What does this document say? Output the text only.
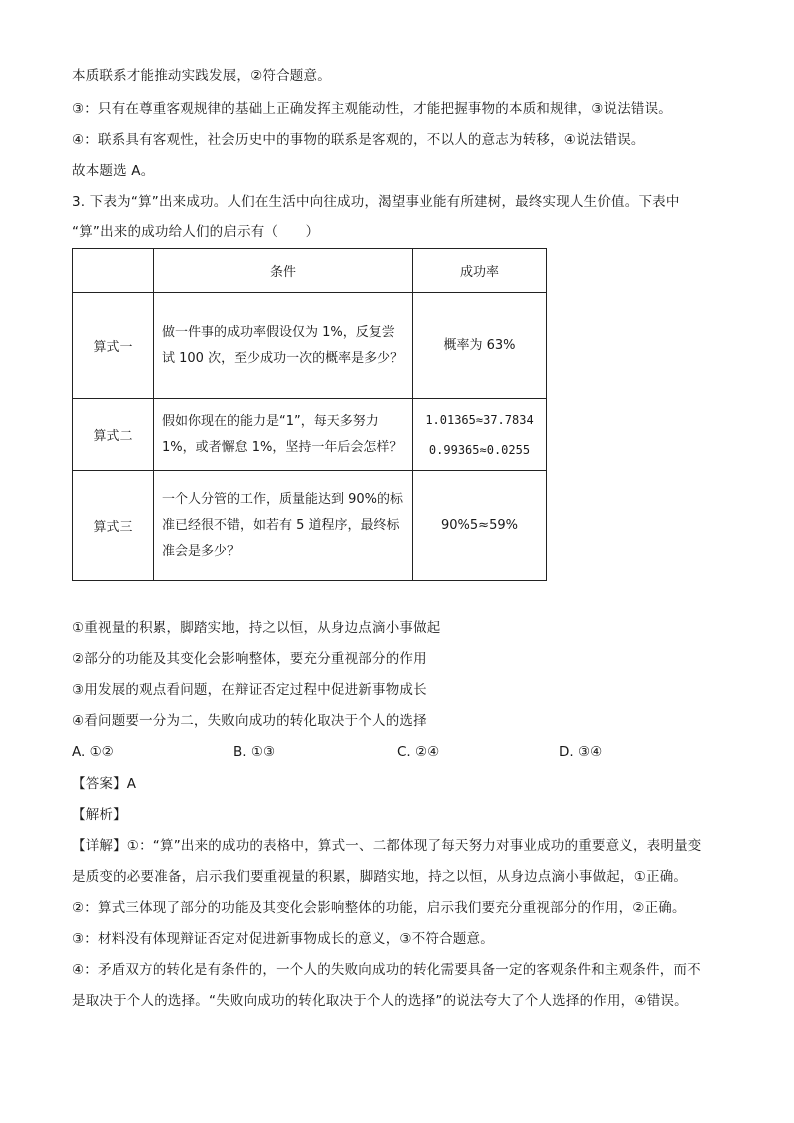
本质联系才能推动实践发展，②符合题意。
③：只有在尊重客观规律的基础上正确发挥主观能动性，才能把握事物的本质和规律，③说法错误。
④：联系具有客观性，社会历史中的事物的联系是客观的，不以人的意志为转移，④说法错误。
故本题选 A。
3. 下表为“算”出来成功。人们在生活中向往成功，渴望事业能有所建树，最终实现人生价值。下表中
“算”出来的成功给人们的启示有（　　）
	条件	成功率
算式一	做一件事的成功率假设仅为 1%，反复尝试 100 次，至少成功一次的概率是多少？	概率为 63%

算式二	假如你现在的能力是“1”，每天多努力 1%，或者懈怠 1%，坚持一年后会怎样？	1.01365≈37.7834
0.99365≈0.0255

算式三	一个人分管的工作，质量能达到 90%的标准已经很不错，如若有 5 道程序，最终标准会是多少？	90%5≈59%
①重视量的积累，脚踏实地，持之以恒，从身边点滴小事做起
②部分的功能及其变化会影响整体，要充分重视部分的作用
③用发展的观点看问题，在辩证否定过程中促进新事物成长
④看问题要一分为二，失败向成功的转化取决于个人的选择
A. ①②	B. ①③	C. ②④	D. ③④
【答案】A
【解析】
【详解】①：“算”出来的成功的表格中，算式一、二都体现了每天努力对事业成功的重要意义，表明量变
是质变的必要准备，启示我们要重视量的积累，脚踏实地，持之以恒，从身边点滴小事做起，①正确。
②：算式三体现了部分的功能及其变化会影响整体的功能，启示我们要充分重视部分的作用，②正确。
③：材料没有体现辩证否定对促进新事物成长的意义，③不符合题意。
④：矛盾双方的转化是有条件的，一个人的失败向成功的转化需要具备一定的客观条件和主观条件，而不
是取决于个人的选择。“失败向成功的转化取决于个人的选择”的说法夸大了个人选择的作用，④错误。
